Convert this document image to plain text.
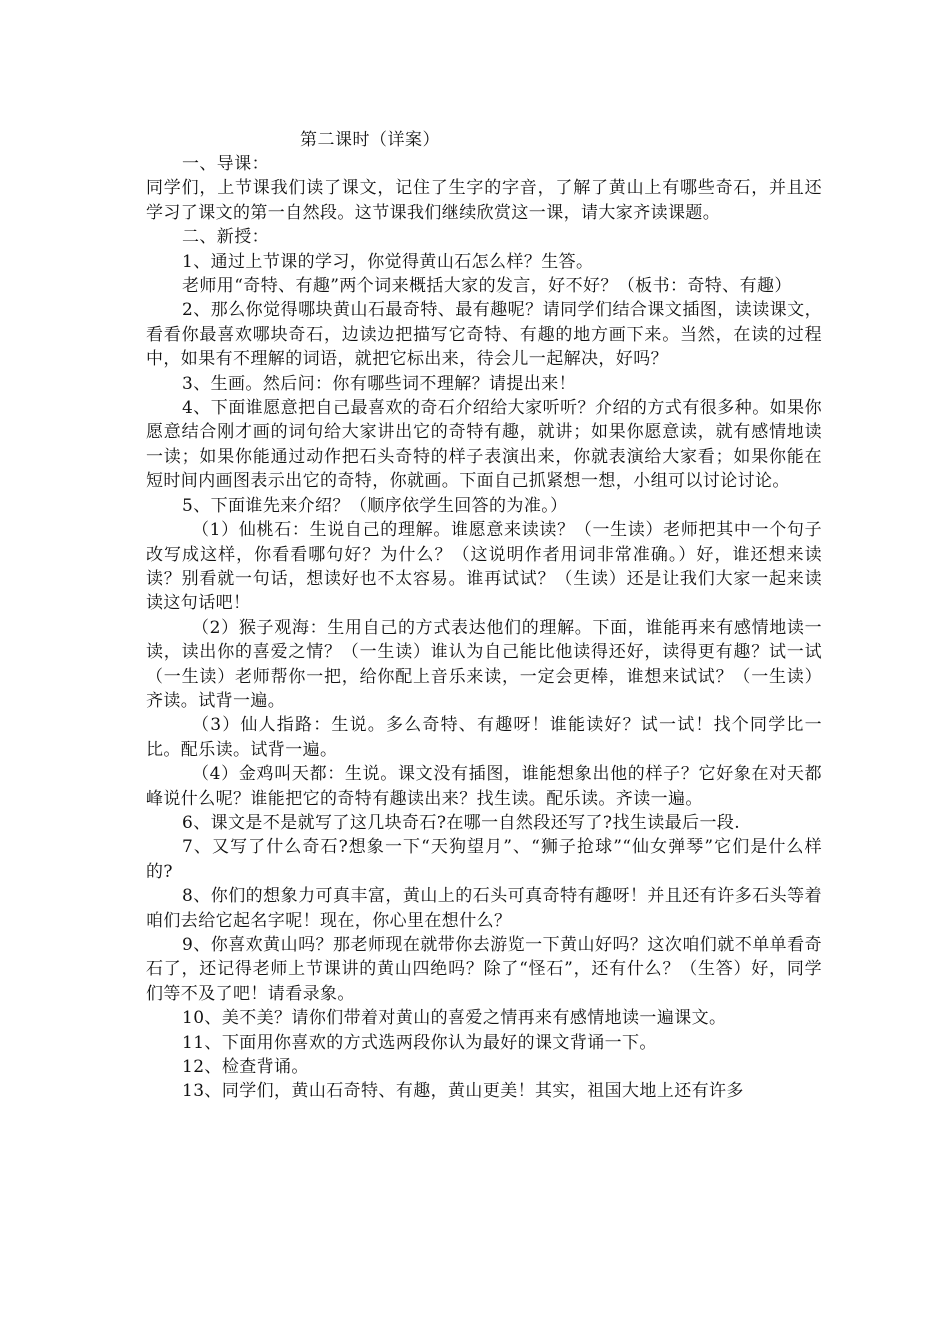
第二课时（详案）

一、导课：

同学们，上节课我们读了课文，记住了生字的字音，了解了黄山上有哪些奇石，并且还学习了课文的第一自然段。这节课我们继续欣赏这一课，请大家齐读课题。

二、新授：

1、通过上节课的学习，你觉得黄山石怎么样？生答。

老师用“奇特、有趣”两个词来概括大家的发言，好不好？（板书：奇特、有趣）

2、那么你觉得哪块黄山石最奇特、最有趣呢？请同学们结合课文插图，读读课文，看看你最喜欢哪块奇石，边读边把描写它奇特、有趣的地方画下来。当然，在读的过程中，如果有不理解的词语，就把它标出来，待会儿一起解决，好吗？

3、生画。然后问：你有哪些词不理解？请提出来！

4、下面谁愿意把自己最喜欢的奇石介绍给大家听听？介绍的方式有很多种。如果你愿意结合刚才画的词句给大家讲出它的奇特有趣，就讲；如果你愿意读，就有感情地读一读；如果你能通过动作把石头奇特的样子表演出来，你就表演给大家看；如果你能在短时间内画图表示出它的奇特，你就画。下面自己抓紧想一想，小组可以讨论讨论。

5、下面谁先来介绍？（顺序依学生回答的为准。）

（1）仙桃石：生说自己的理解。谁愿意来读读？（一生读）老师把其中一个句子改写成这样，你看看哪句好？为什么？（这说明作者用词非常准确。）好，谁还想来读读？别看就一句话，想读好也不太容易。谁再试试？（生读）还是让我们大家一起来读读这句话吧！

（2）猴子观海：生用自己的方式表达他们的理解。下面，谁能再来有感情地读一读，读出你的喜爱之情？（一生读）谁认为自己能比他读得还好，读得更有趣？试一试（一生读）老师帮你一把，给你配上音乐来读，一定会更棒，谁想来试试？（一生读）齐读。试背一遍。

（3）仙人指路：生说。多么奇特、有趣呀！谁能读好？试一试！找个同学比一比。配乐读。试背一遍。

（4）金鸡叫天都：生说。课文没有插图，谁能想象出他的样子？它好象在对天都峰说什么呢？谁能把它的奇特有趣读出来？找生读。配乐读。齐读一遍。

6、课文是不是就写了这几块奇石?在哪一自然段还写了?找生读最后一段.

7、又写了什么奇石?想象一下“天狗望月”、“狮子抢球”“仙女弹琴”它们是什么样的?

8、你们的想象力可真丰富，黄山上的石头可真奇特有趣呀！并且还有许多石头等着咱们去给它起名字呢！现在，你心里在想什么？

9、你喜欢黄山吗？那老师现在就带你去游览一下黄山好吗？这次咱们就不单单看奇石了，还记得老师上节课讲的黄山四绝吗？除了“怪石”，还有什么？（生答）好，同学们等不及了吧！请看录象。

10、美不美？请你们带着对黄山的喜爱之情再来有感情地读一遍课文。

11、下面用你喜欢的方式选两段你认为最好的课文背诵一下。

12、检查背诵。

13、同学们，黄山石奇特、有趣，黄山更美！其实，祖国大地上还有许多
